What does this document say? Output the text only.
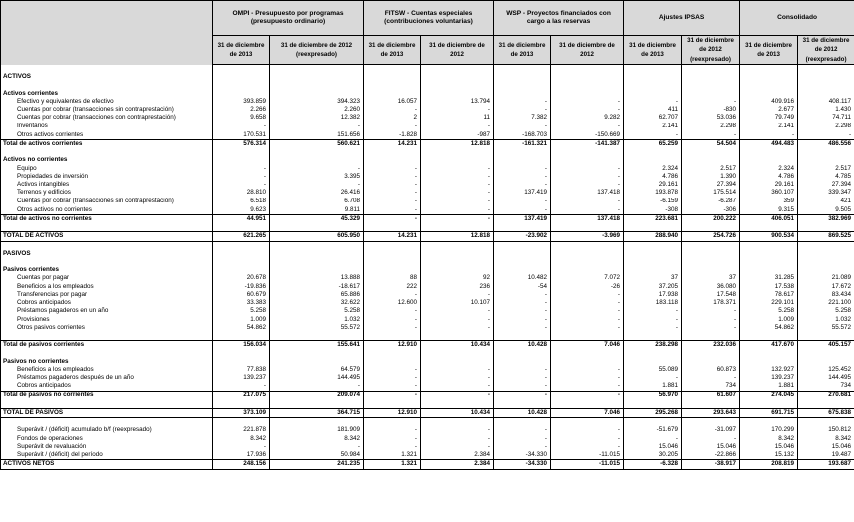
	OMPI - Presupuesto por programas (presupuesto ordinario)		FITSW - Cuentas especiales (contribuciones voluntarias)		WSP - Proyectos financiados con cargo a las reservas		Ajustes IPSAS		Consolidado	
	31 de diciembre de 2013	31 de diciembre de 2012 (reexpresado)	31 de diciembre de 2013	31 de diciembre de 2012	31 de diciembre de 2013	31 de diciembre de 2012	31 de diciembre de 2013	31 de diciembre de 2012 (reexpresado)	31 de diciembre de 2013	31 de diciembre de 2012 (reexpresado)

ACTIVOS										

Activos corrientes										
Efectivo y equivalentes de efectivo	393.859	394.323	16.057	13.794	-	-	-	-	409.916	408.117
Cuentas por cobrar (transacciones sin contraprestación)	2.266	2.260	-	-	-	-	411	-830	2.677	1.430
Cuentas por cobrar (transacciones con contraprestación)	9.658	12.382	2	11	7.382	9.282	62.707	53.036	79.749	74.711
Inventarios	-	-	-	-	-	-	2.141	2.298	2.141	2.298
Otros activos corrientes	170.531	151.656	-1.828	-987	-168.703	-150.669	-	-	-	-
Total de activos corrientes	576.314	560.621	14.231	12.818	-161.321	-141.387	65.259	54.504	494.483	486.556

Activos no corrientes										
Equipo	-	-	-	-	-	-	2.324	2.517	2.324	2.517
Propiedades de inversión	-	3.395	-	-	-	-	4.786	1.390	4.786	4.785
Activos intangibles	-	-	-	-	-	-	29.161	27.394	29.161	27.394
Terrenos y edificios	28.810	26.416	-	-	137.419	137.418	193.878	175.514	360.107	339.347
Cuentas por cobrar (transacciones sin contraprestación)	6.518	6.708	-	-	-	-	-6.159	-6.287	359	421
Otros activos no corrientes	9.623	9.811	-	-	-	-	-308	-306	9.315	9.505
Total de activos no corrientes	44.951	45.329	-	-	137.419	137.418	223.681	200.222	406.051	382.969

TOTAL DE ACTIVOS	621.265	605.950	14.231	12.818	-23.902	-3.969	288.940	254.726	900.534	869.525

PASIVOS										

Pasivos corrientes										
Cuentas por pagar	20.678	13.888	88	92	10.482	7.072	37	37	31.285	21.089
Beneficios a los empleados	-19.836	-18.617	222	236	-54	-26	37.205	36.080	17.538	17.672
Transferencias por pagar	60.679	65.886	-	-	-	-	17.938	17.548	78.617	83.434
Cobros anticipados	33.383	32.622	12.600	10.107	-	-	183.118	178.371	229.101	221.100
Préstamos pagaderos en un año	5.258	5.258	-	-	-	-	-	-	5.258	5.258
Provisiones	1.009	1.032	-	-	-	-	-	-	1.009	1.032
Otros pasivos corrientes	54.862	55.572	-	-	-	-	-	-	54.862	55.572

Total de pasivos corrientes	156.034	155.641	12.910	10.434	10.428	7.046	238.298	232.036	417.670	405.157

Pasivos no corrientes										
Beneficios a los empleados	77.838	64.579	-	-	-	-	55.089	60.873	132.927	125.452
Préstamos pagaderos después de un año	139.237	144.495	-	-	-	-	-	-	139.237	144.495
Cobros anticipados	-	-	-	-	-	-	1.881	734	1.881	734
Total de pasivos no corrientes	217.075	209.074	-	-	-	-	56.970	61.607	274.045	270.681

TOTAL DE PASIVOS	373.109	364.715	12.910	10.434	10.428	7.046	295.268	293.643	691.715	675.838

Superávit / (déficit) acumulado b/f (reexpresado)	221.878	181.909	-	-	-	-	-51.679	-31.097	170.299	150.812
Fondos de operaciones	8.342	8.342	-	-	-	-	-	-	8.342	8.342
Superávit de revaluación	-	-	-	-	-	-	15.046	15.046	15.046	15.046
Superávit / (déficit) del período	17.936	50.984	1.321	2.384	-34.330	-11.015	30.205	-22.866	15.132	19.487
ACTIVOS NETOS	248.156	241.235	1.321	2.384	-34.330	-11.015	-6.328	-38.917	208.819	193.687
